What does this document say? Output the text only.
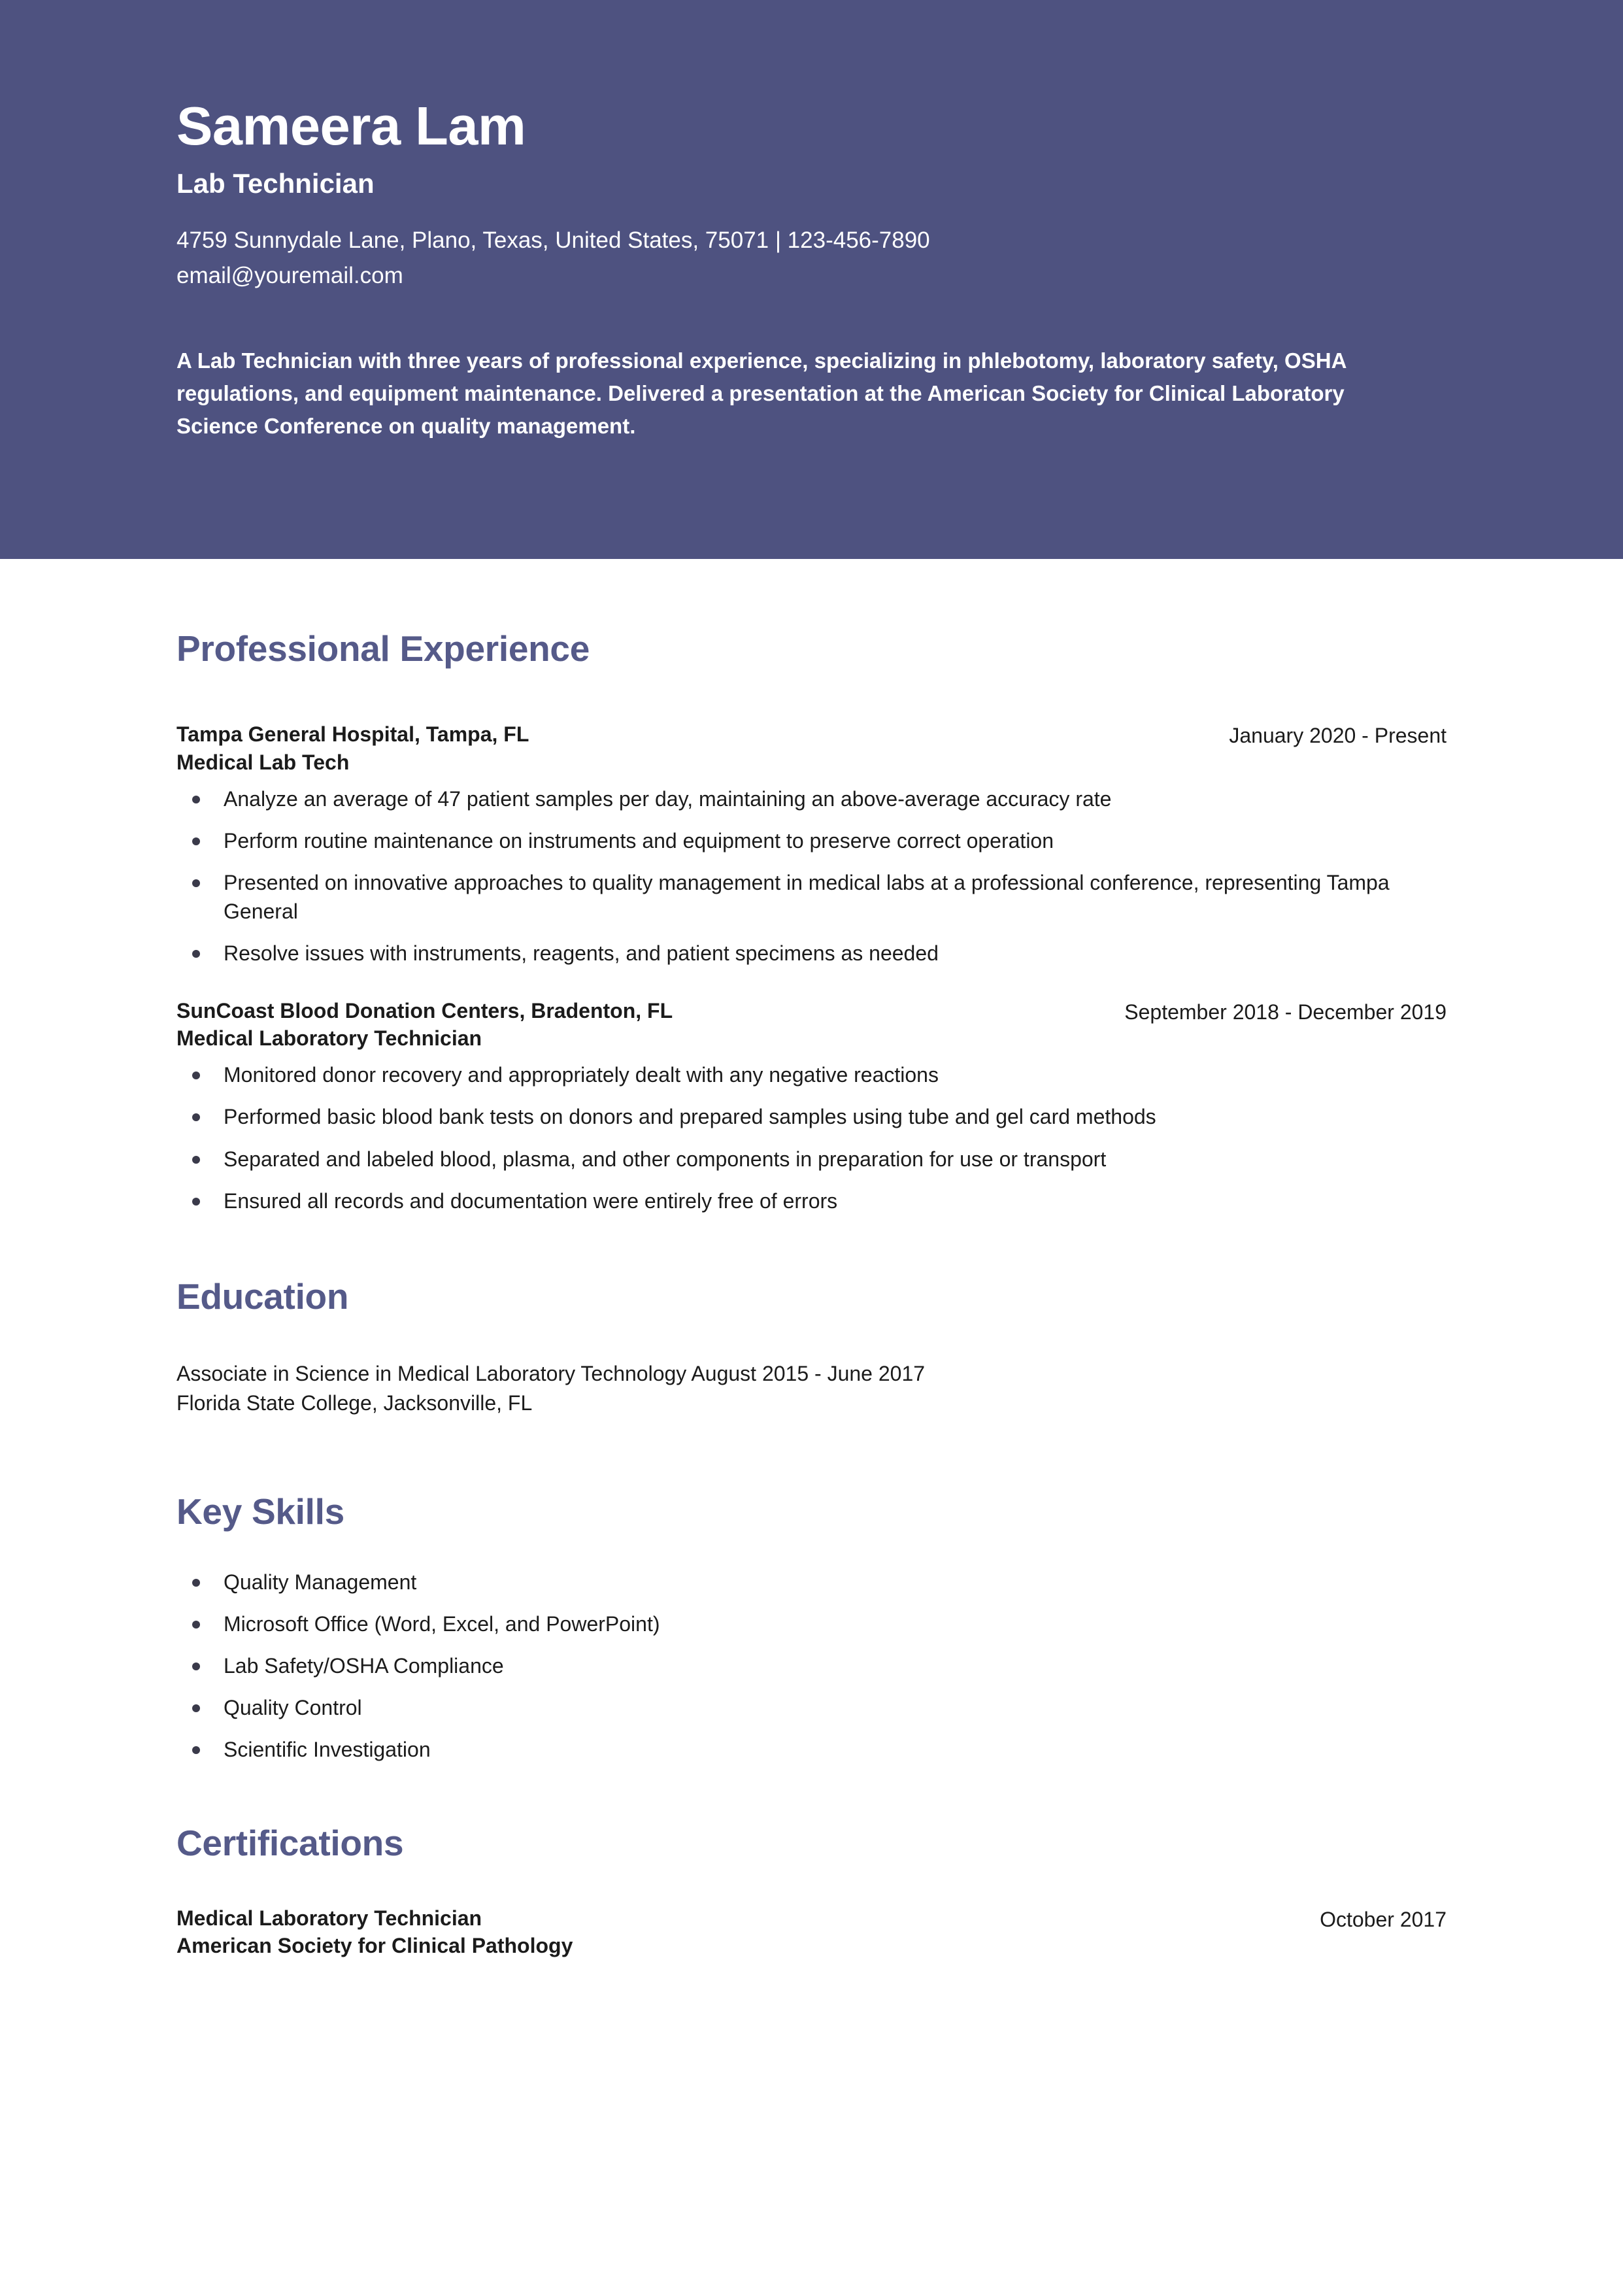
Sameera Lam
Lab Technician
4759 Sunnydale Lane, Plano, Texas, United States, 75071 | 123-456-7890
email@youremail.com
A Lab Technician with three years of professional experience, specializing in phlebotomy, laboratory safety, OSHA regulations, and equipment maintenance. Delivered a presentation at the American Society for Clinical Laboratory Science Conference on quality management.
Professional Experience
Tampa General Hospital, Tampa, FL
Medical Lab Tech
January 2020 - Present
Analyze an average of 47 patient samples per day, maintaining an above-average accuracy rate
Perform routine maintenance on instruments and equipment to preserve correct operation
Presented on innovative approaches to quality management in medical labs at a professional conference, representing Tampa General
Resolve issues with instruments, reagents, and patient specimens as needed
SunCoast Blood Donation Centers, Bradenton, FL
Medical Laboratory Technician
September 2018 - December 2019
Monitored donor recovery and appropriately dealt with any negative reactions
Performed basic blood bank tests on donors and prepared samples using tube and gel card methods
Separated and labeled blood, plasma, and other components in preparation for use or transport
Ensured all records and documentation were entirely free of errors
Education
Associate in Science in Medical Laboratory Technology August 2015 - June 2017
Florida State College, Jacksonville, FL
Key Skills
Quality Management
Microsoft Office (Word, Excel, and PowerPoint)
Lab Safety/OSHA Compliance
Quality Control
Scientific Investigation
Certifications
Medical Laboratory Technician
American Society for Clinical Pathology
October 2017
